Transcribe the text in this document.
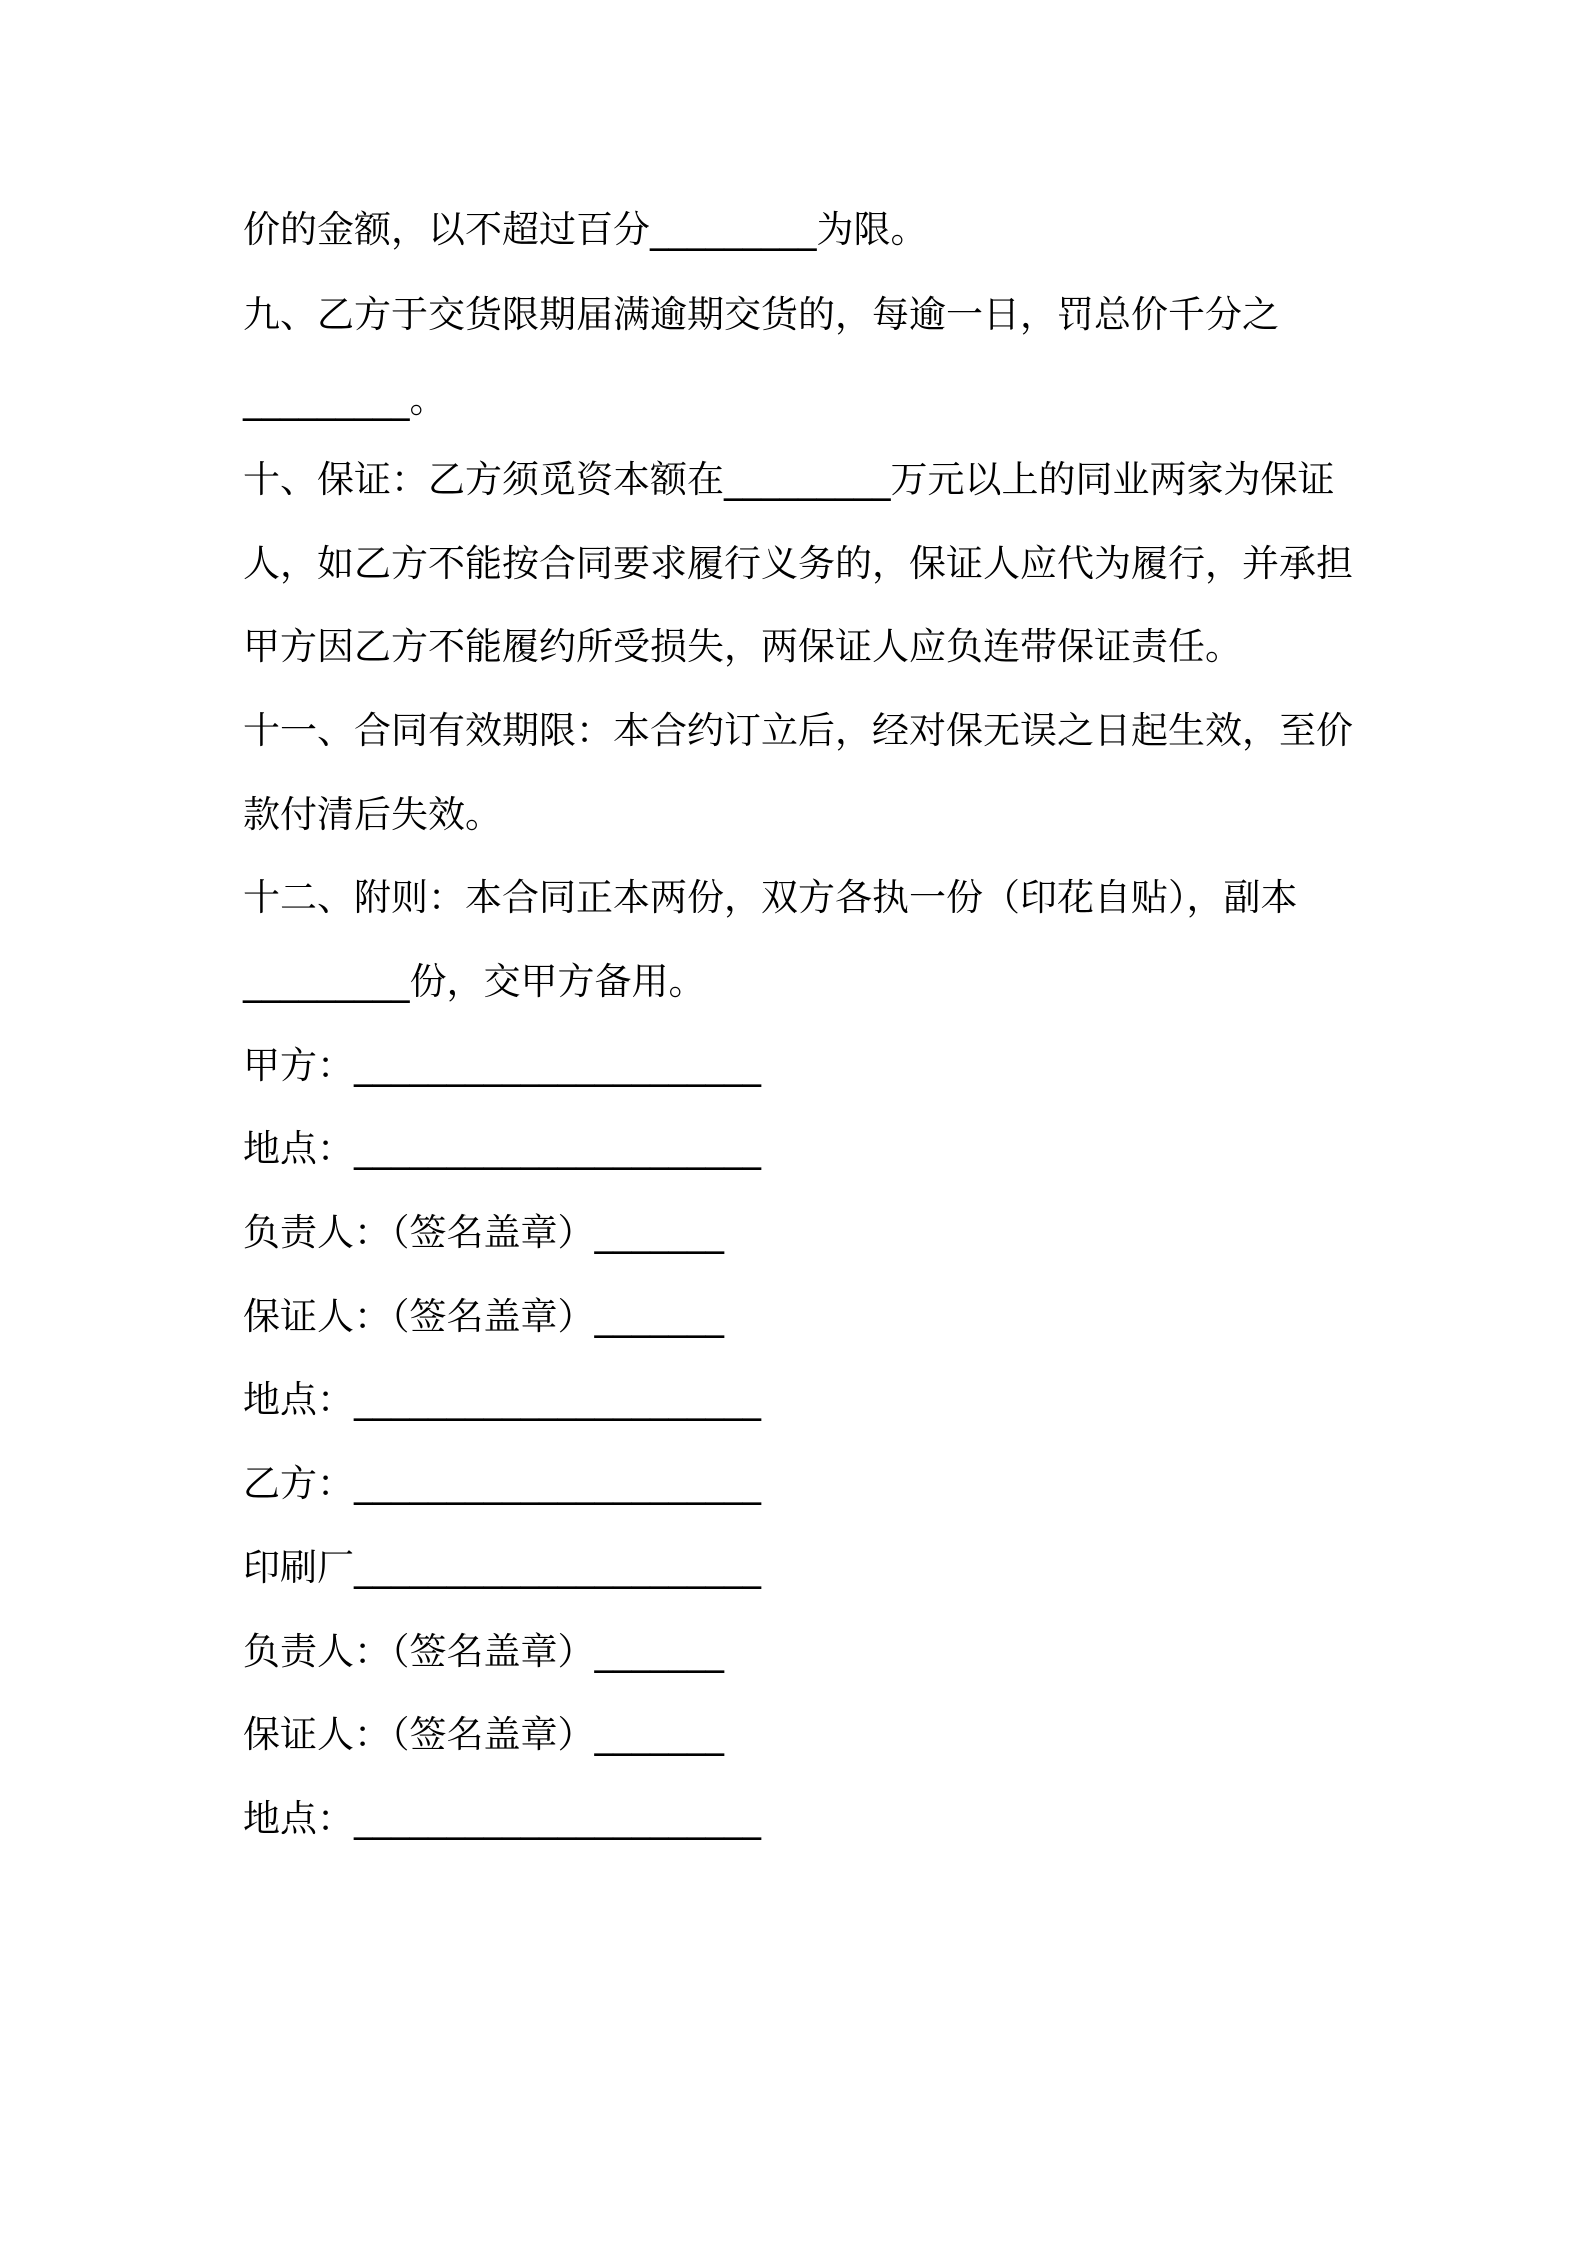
价的金额，以不超过百分_________为限。
九、乙方于交货限期届满逾期交货的，每逾一日，罚总价千分之
_________。
十、保证：乙方须觅资本额在_________万元以上的同业两家为保证
人，如乙方不能按合同要求履行义务的，保证人应代为履行，并承担
甲方因乙方不能履约所受损失，两保证人应负连带保证责任。
十一、合同有效期限：本合约订立后，经对保无误之日起生效，至价
款付清后失效。
十二、附则：本合同正本两份，双方各执一份（印花自贴），副本
_________份，交甲方备用。
甲方：______________________
地点：______________________
负责人：（签名盖章）_______
保证人：（签名盖章）_______
地点：______________________
乙方：______________________
印刷厂______________________
负责人：（签名盖章）_______
保证人：（签名盖章）_______
地点：______________________
